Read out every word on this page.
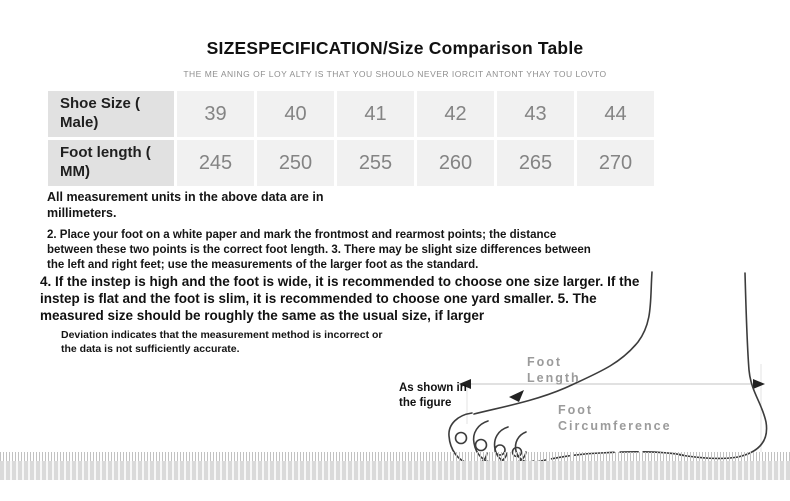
SIZESPECIFICATION/Size Comparison Table
THE ME ANING OF LOY ALTY IS THAT YOU SHOULO NEVER IORCIT ANTONT YHAY TOU LOVTO
Shoe Size ( Male)	39	40	41	42	43	44
Foot length ( MM)	245	250	255	260	265	270
All measurement units in the above data are in millimeters.
2. Place your foot on a white paper and mark the frontmost and rearmost points; the distance between these two points is the correct foot length. 3. There may be slight size differences between the left and right feet; use the measurements of the larger foot as the standard.
4. If the instep is high and the foot is wide, it is recommended to choose one size larger. If the instep is flat and the foot is slim, it is recommended to choose one yard smaller. 5. The measured size should be roughly the same as the usual size, if larger
Deviation indicates that the measurement method is incorrect or the data is not sufficiently accurate.
Foot Length
Foot Circumference
As shown in the figure
